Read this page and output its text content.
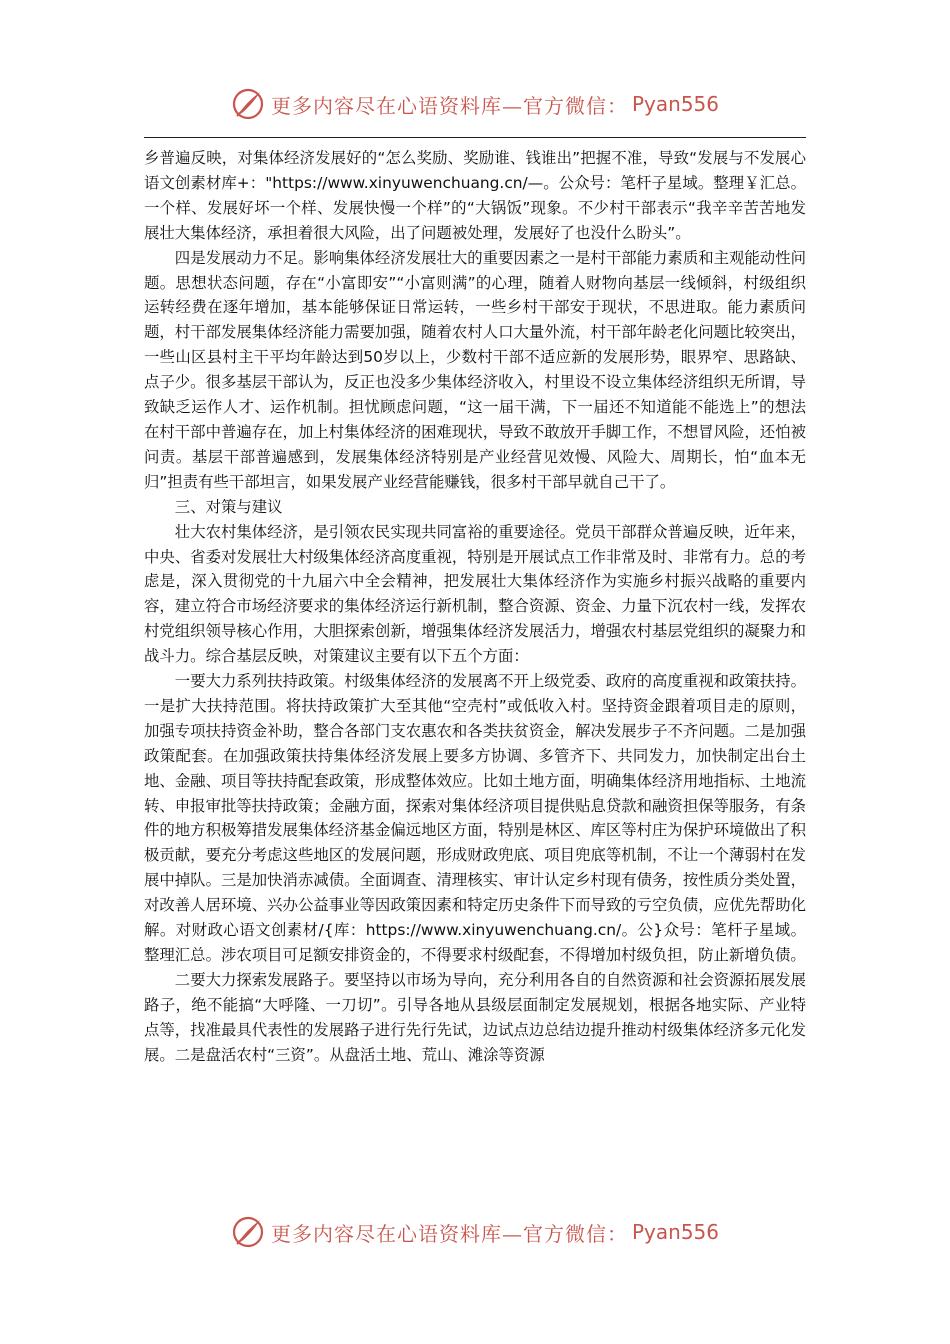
更多内容尽在心语资料库—官方微信： Pyan556

乡普遍反映，对集体经济发展好的“怎么奖励、奖励谁、钱谁出”把握不准，导致“发展与不发展心语文创素材库+："https://www.xinyuwenchuang.cn/—。公众号：笔杆子星域。整理￥汇总。一个样、发展好坏一个样、发展快慢一个样”的“大锅饭”现象。不少村干部表示“我辛辛苦苦地发展壮大集体经济，承担着很大风险，出了问题被处理，发展好了也没什么盼头”。

四是发展动力不足。影响集体经济发展壮大的重要因素之一是村干部能力素质和主观能动性问题。思想状态问题，存在“小富即安”“小富则满”的心理，随着人财物向基层一线倾斜，村级组织运转经费在逐年增加，基本能够保证日常运转，一些乡村干部安于现状，不思进取。能力素质问题，村干部发展集体经济能力需要加强，随着农村人口大量外流，村干部年龄老化问题比较突出，一些山区县村主干平均年龄达到50岁以上，少数村干部不适应新的发展形势，眼界窄、思路缺、点子少。很多基层干部认为，反正也没多少集体经济收入，村里设不设立集体经济组织无所谓，导致缺乏运作人才、运作机制。担忧顾虑问题，“这一届干满，下一届还不知道能不能选上”的想法在村干部中普遍存在，加上村集体经济的困难现状，导致不敢放开手脚工作，不想冒风险，还怕被问责。基层干部普遍感到，发展集体经济特别是产业经营见效慢、风险大、周期长，怕“血本无归”担责有些干部坦言，如果发展产业经营能赚钱，很多村干部早就自己干了。

三、对策与建议

壮大农村集体经济，是引领农民实现共同富裕的重要途径。党员干部群众普遍反映，近年来，中央、省委对发展壮大村级集体经济高度重视，特别是开展试点工作非常及时、非常有力。总的考虑是，深入贯彻党的十九届六中全会精神，把发展壮大集体经济作为实施乡村振兴战略的重要内容，建立符合市场经济要求的集体经济运行新机制，整合资源、资金、力量下沉农村一线，发挥农村党组织领导核心作用，大胆探索创新，增强集体经济发展活力，增强农村基层党组织的凝聚力和战斗力。综合基层反映，对策建议主要有以下五个方面：

一要大力系列扶持政策。村级集体经济的发展离不开上级党委、政府的高度重视和政策扶持。一是扩大扶持范围。将扶持政策扩大至其他“空壳村”或低收入村。坚持资金跟着项目走的原则，加强专项扶持资金补助，整合各部门支农惠农和各类扶贫资金，解决发展步子不齐问题。二是加强政策配套。在加强政策扶持集体经济发展上要多方协调、多管齐下、共同发力，加快制定出台土地、金融、项目等扶持配套政策，形成整体效应。比如土地方面，明确集体经济用地指标、土地流转、申报审批等扶持政策；金融方面，探索对集体经济项目提供贴息贷款和融资担保等服务，有条件的地方积极筹措发展集体经济基金偏远地区方面，特别是林区、库区等村庄为保护环境做出了积极贡献，要充分考虑这些地区的发展问题，形成财政兜底、项目兜底等机制，不让一个薄弱村在发展中掉队。三是加快消赤减债。全面调查、清理核实、审计认定乡村现有债务，按性质分类处置，对改善人居环境、兴办公益事业等因政策因素和特定历史条件下而导致的亏空负债，应优先帮助化解。对财政心语文创素材/{库：https://www.xinyuwenchuang.cn/。公}众号：笔杆子星域。整理汇总。涉农项目可足额安排资金的，不得要求村级配套，不得增加村级负担，防止新增负债。

二要大力探索发展路子。要坚持以市场为导向，充分利用各自的自然资源和社会资源拓展发展路子，绝不能搞“大呼隆、一刀切”。引导各地从县级层面制定发展规划，根据各地实际、产业特点等，找准最具代表性的发展路子进行先行先试，边试点边总结边提升推动村级集体经济多元化发展。二是盘活农村“三资”。从盘活土地、荒山、滩涂等资源

更多内容尽在心语资料库—官方微信： Pyan556
